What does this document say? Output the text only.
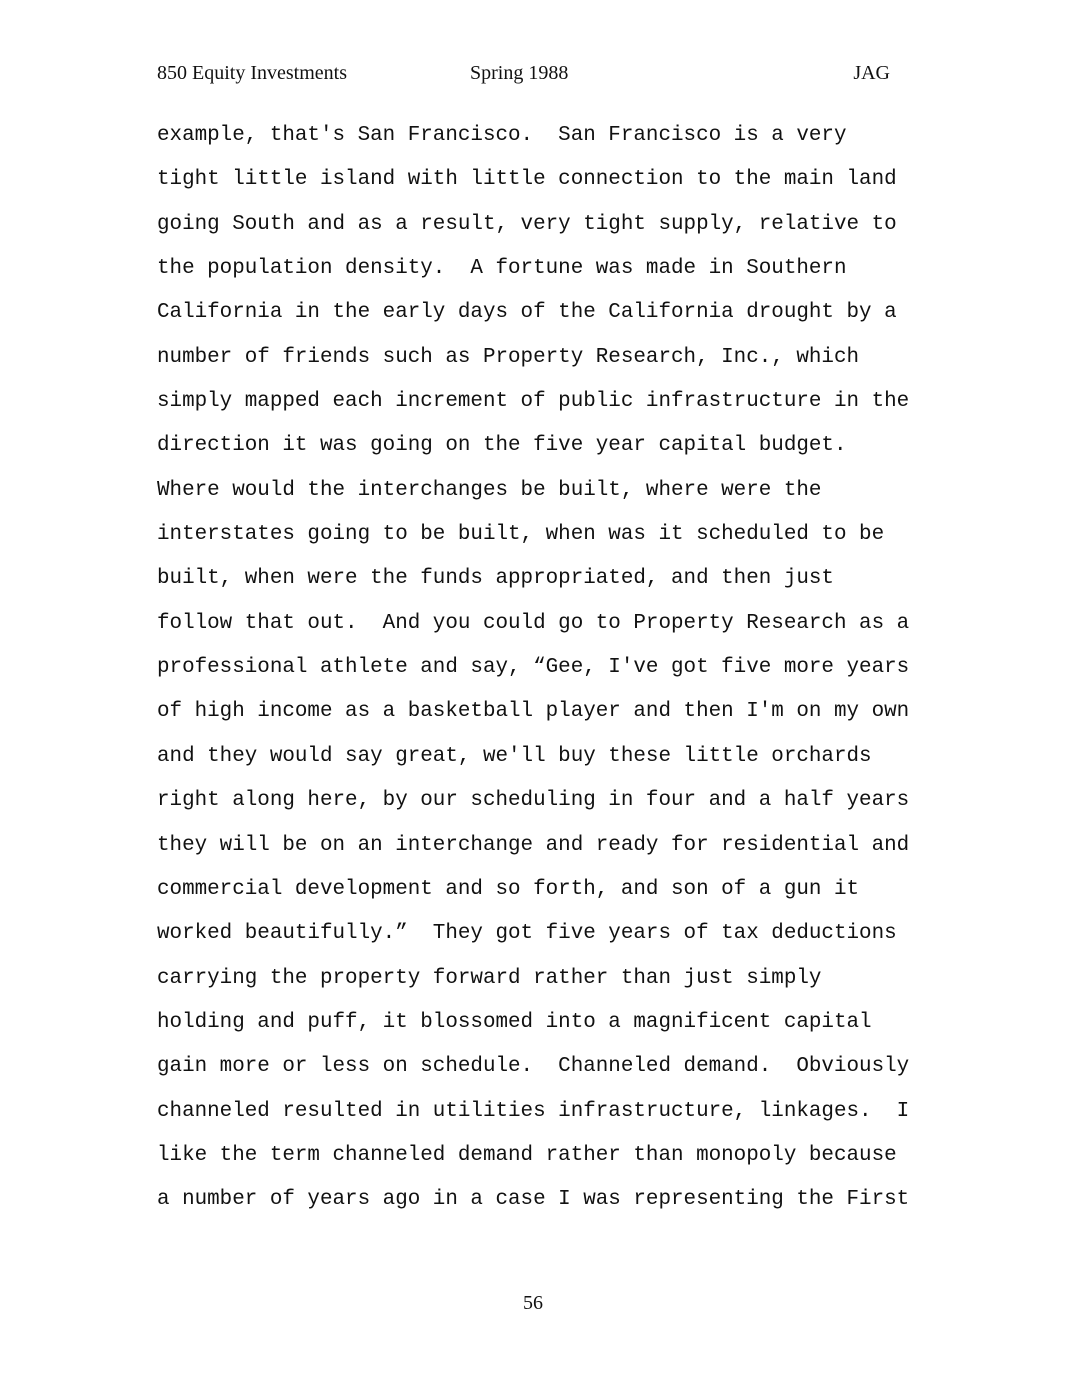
850 Equity Investments	Spring 1988	JAG
example, that's San Francisco.  San Francisco is a very
tight little island with little connection to the main land
going South and as a result, very tight supply, relative to
the population density.  A fortune was made in Southern
California in the early days of the California drought by a
number of friends such as Property Research, Inc., which
simply mapped each increment of public infrastructure in the
direction it was going on the five year capital budget.
Where would the interchanges be built, where were the
interstates going to be built, when was it scheduled to be
built, when were the funds appropriated, and then just
follow that out.  And you could go to Property Research as a
professional athlete and say, “Gee, I've got five more years
of high income as a basketball player and then I'm on my own
and they would say great, we'll buy these little orchards
right along here, by our scheduling in four and a half years
they will be on an interchange and ready for residential and
commercial development and so forth, and son of a gun it
worked beautifully.”  They got five years of tax deductions
carrying the property forward rather than just simply
holding and puff, it blossomed into a magnificent capital
gain more or less on schedule.  Channeled demand.  Obviously
channeled resulted in utilities infrastructure, linkages.  I
like the term channeled demand rather than monopoly because
a number of years ago in a case I was representing the First
56
